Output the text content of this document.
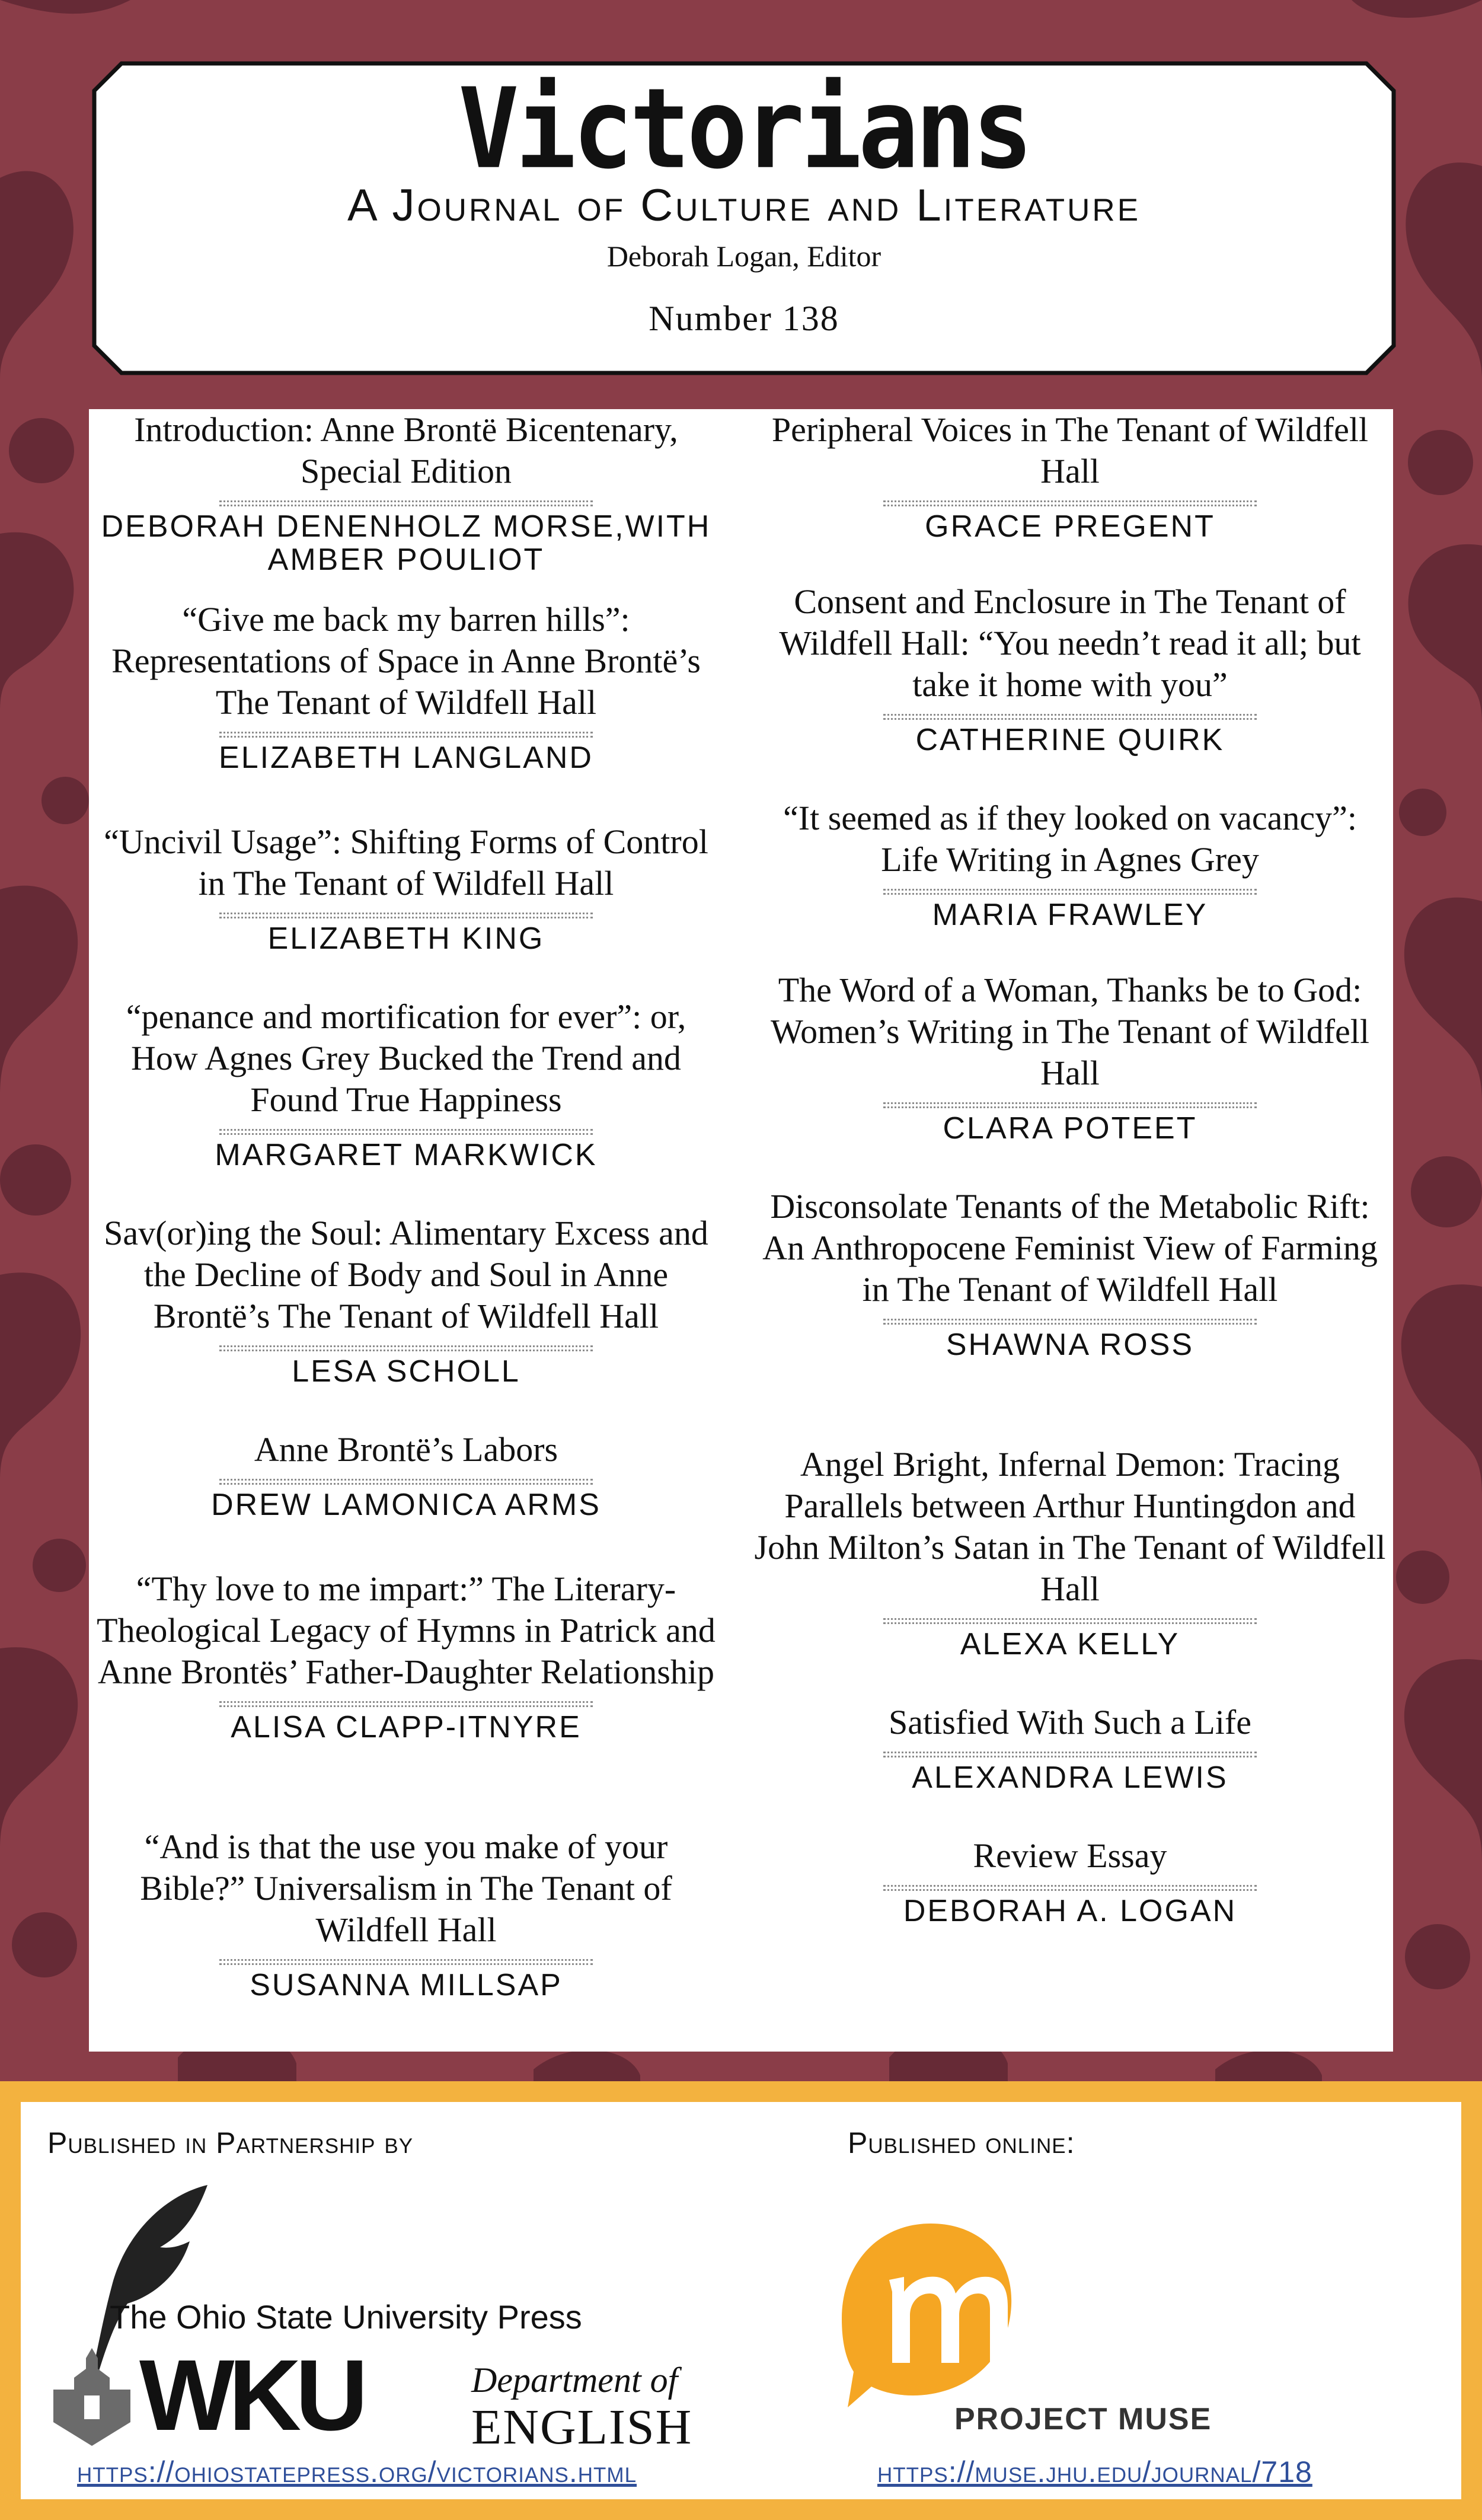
Victorians
A Journal of Culture and Literature
Deborah Logan, Editor
Number 138
Introduction: Anne Brontë Bicentenary, Special Edition
DEBORAH DENENHOLZ MORSE,WITH AMBER POULIOT
“Give me back my barren hills”: Representations of Space in Anne Brontë’s The Tenant of Wildfell Hall
ELIZABETH LANGLAND
“Uncivil Usage”: Shifting Forms of Control in The Tenant of Wildfell Hall
ELIZABETH KING
“penance and mortification for ever”: or, How Agnes Grey Bucked the Trend and Found True Happiness
MARGARET MARKWICK
Sav(or)ing the Soul: Alimentary Excess and the Decline of Body and Soul in Anne Brontë’s The Tenant of Wildfell Hall
LESA SCHOLL
Anne Brontë’s Labors
DREW LAMONICA ARMS
“Thy love to me impart:” The Literary-Theological Legacy of Hymns in Patrick and Anne Brontës’ Father-Daughter Relationship
ALISA CLAPP-ITNYRE
“And is that the use you make of your Bible?” Universalism in The Tenant of Wildfell Hall
SUSANNA MILLSAP
Peripheral Voices in The Tenant of Wildfell Hall
GRACE PREGENT
Consent and Enclosure in The Tenant of Wildfell Hall: “You needn’t read it all; but take it home with you”
CATHERINE QUIRK
“It seemed as if they looked on vacancy”: Life Writing in Agnes Grey
MARIA FRAWLEY
The Word of a Woman, Thanks be to God: Women’s Writing in The Tenant of Wildfell Hall
CLARA POTEET
Disconsolate Tenants of the Metabolic Rift: An Anthropocene Feminist View of Farming in The Tenant of Wildfell Hall
SHAWNA ROSS
Angel Bright, Infernal Demon: Tracing Parallels between Arthur Huntingdon and John Milton’s Satan in The Tenant of Wildfell Hall
ALEXA KELLY
Satisfied With Such a Life
ALEXANDRA LEWIS
Review Essay
DEBORAH A. LOGAN
Published in Partnership by
The Ohio State University Press
WKU	Department of
ENGLISH
https://ohiostatepress.org/victorians.html
Published online:
PROJECT MUSE
https://muse.jhu.edu/journal/718
